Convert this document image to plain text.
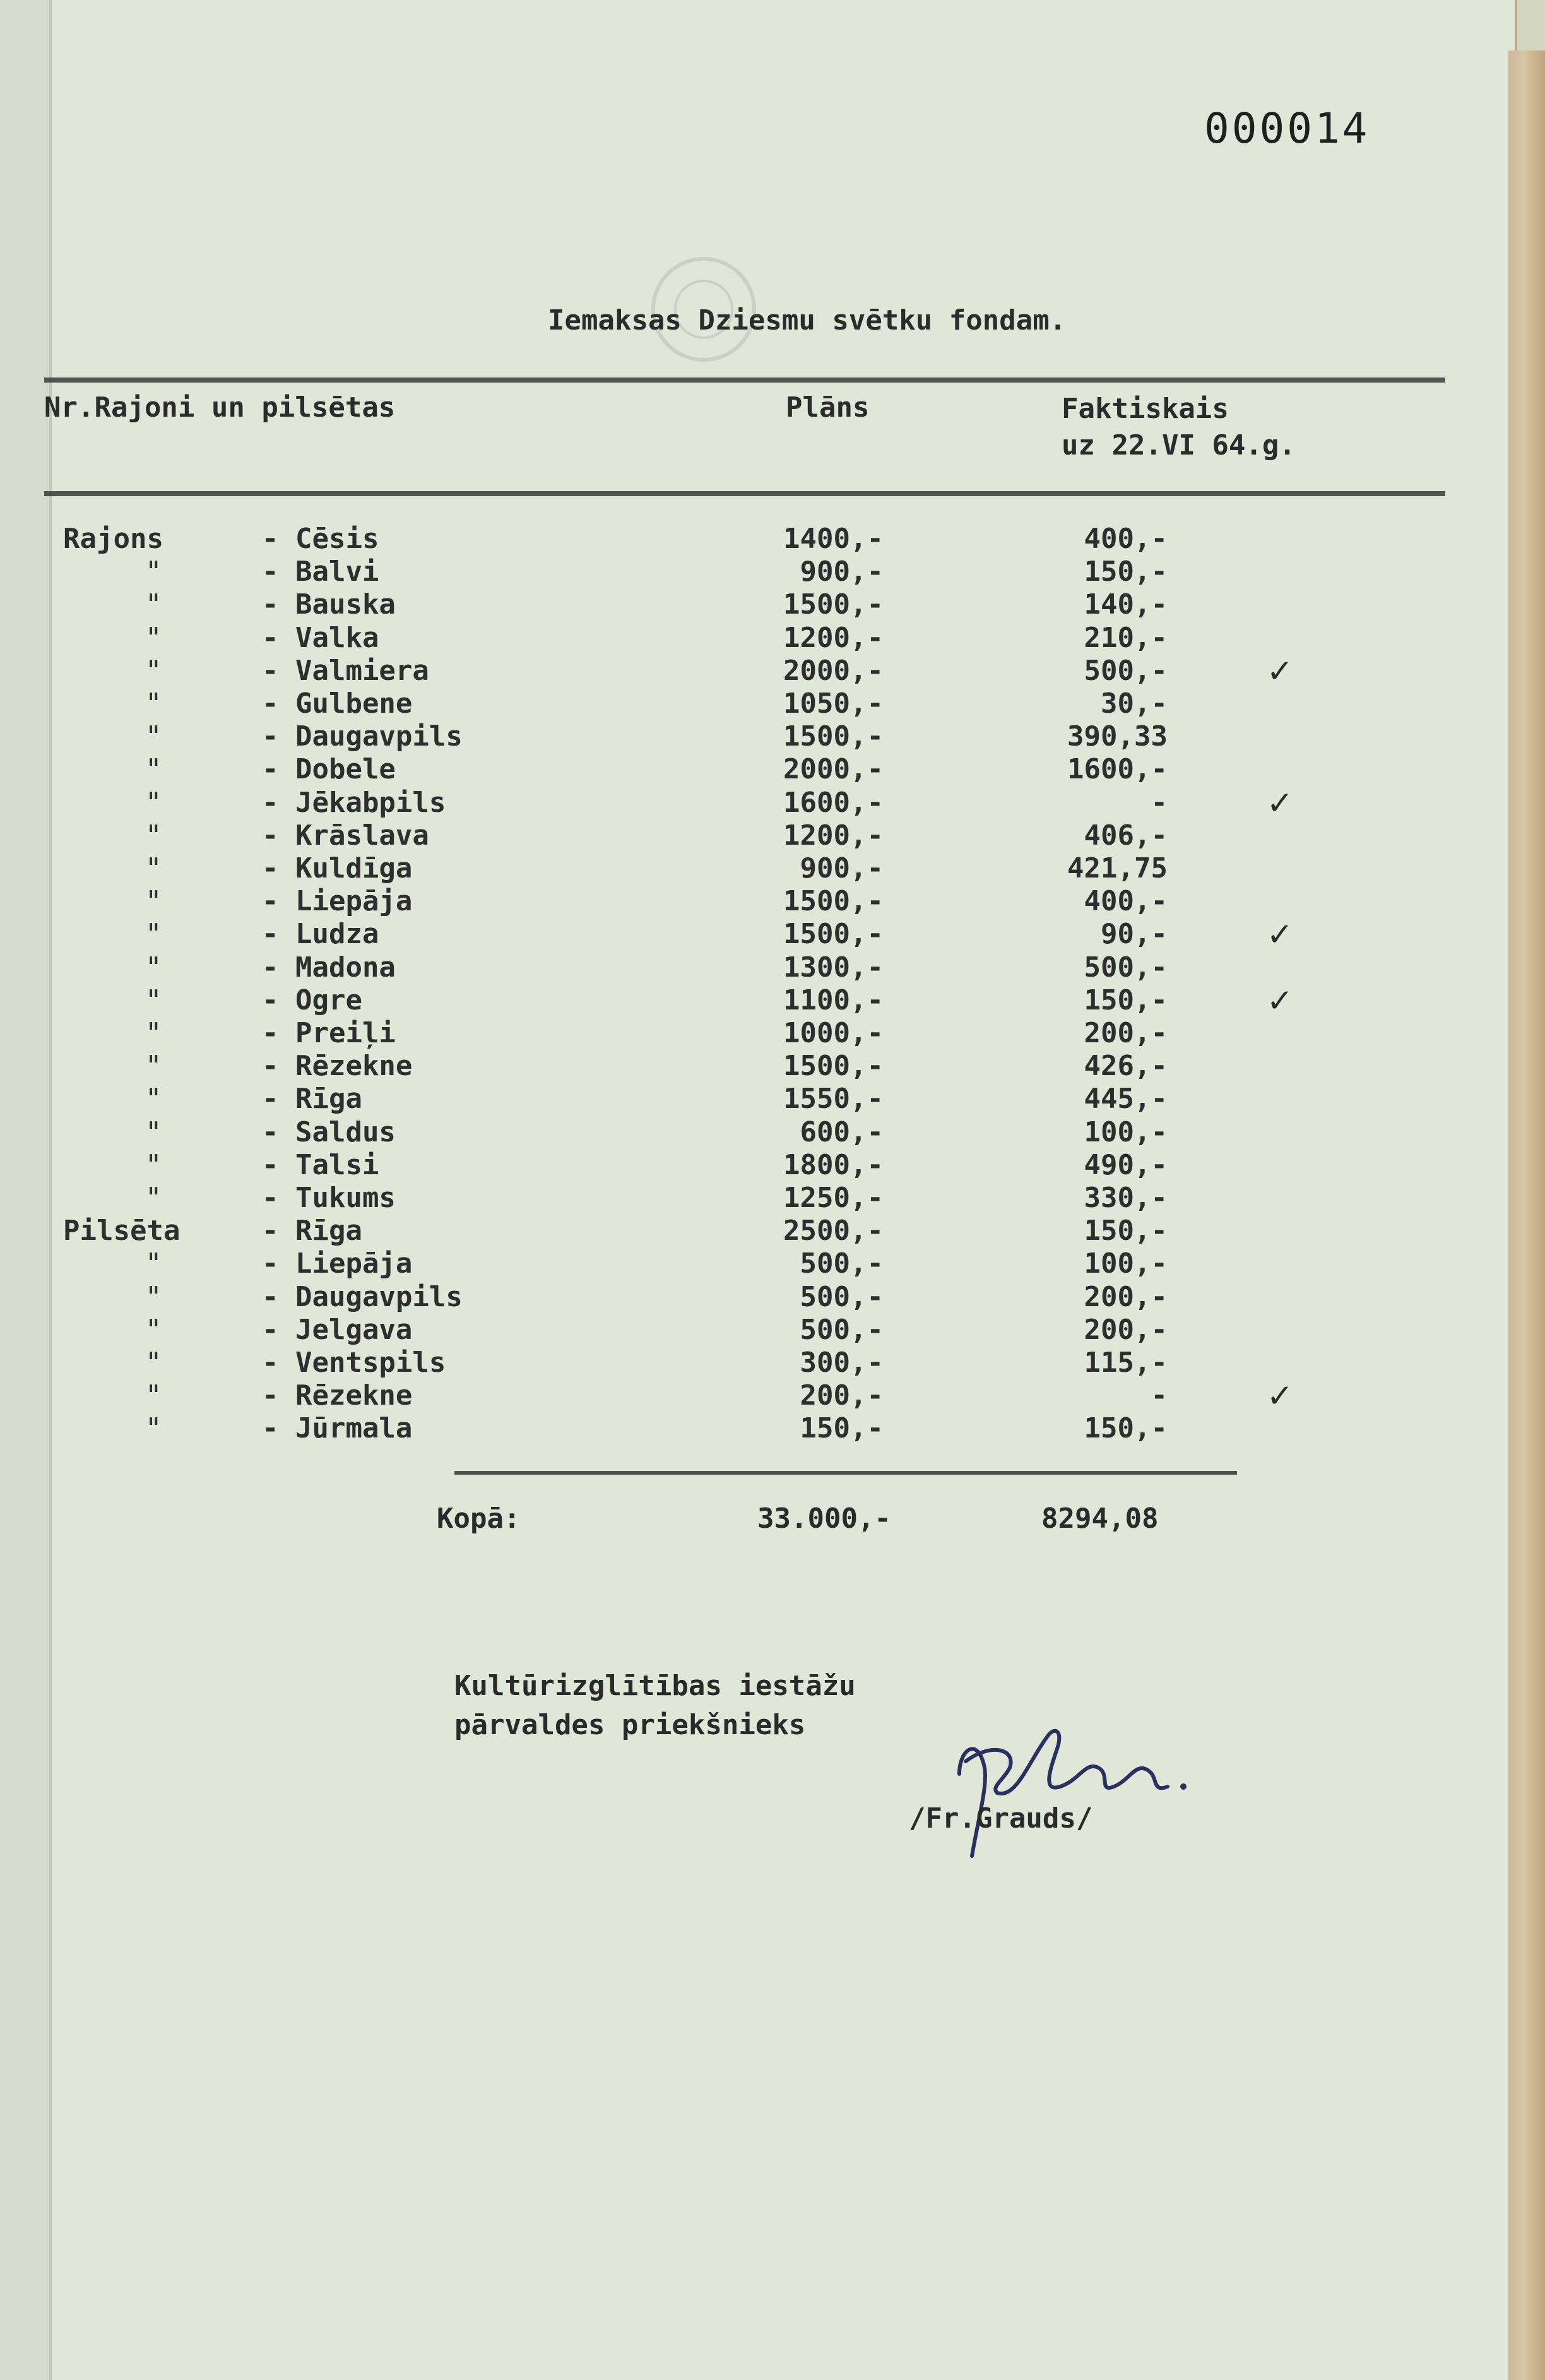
000014
Iemaksas Dziesmu svētku fondam.
Nr.Rajoni un pilsētas	Plāns	Faktiskais
uz 22.VI 64.g.
Rajons	- Cēsis	1400,-	400,-
"	- Balvi	900,-	150,-
"	- Bauska	1500,-	140,-
"	- Valka	1200,-	210,-
"	- Valmiera	2000,-	500,-	✓
"	- Gulbene	1050,-	30,-
"	- Daugavpils	1500,-	390,33
"	- Dobele	2000,-	1600,-
"	- Jēkabpils	1600,-	-	✓
"	- Krāslava	1200,-	406,-
"	- Kuldīga	900,-	421,75
"	- Liepāja	1500,-	400,-
"	- Ludza	1500,-	90,-	✓
"	- Madona	1300,-	500,-
"	- Ogre	1100,-	150,-	✓
"	- Preiļi	1000,-	200,-
"	- Rēzekne	1500,-	426,-
"	- Rīga	1550,-	445,-
"	- Saldus	600,-	100,-
"	- Talsi	1800,-	490,-
"	- Tukums	1250,-	330,-
Pilsēta	- Rīga	2500,-	150,-
"	- Liepāja	500,-	100,-
"	- Daugavpils	500,-	200,-
"	- Jelgava	500,-	200,-
"	- Ventspils	300,-	115,-
"	- Rēzekne	200,-	-	✓
"	- Jūrmala	150,-	150,-
Kopā:	33.000,-	8294,08
Kultūrizglītības iestāžu
pārvaldes priekšnieks
/Fr.Grauds/
